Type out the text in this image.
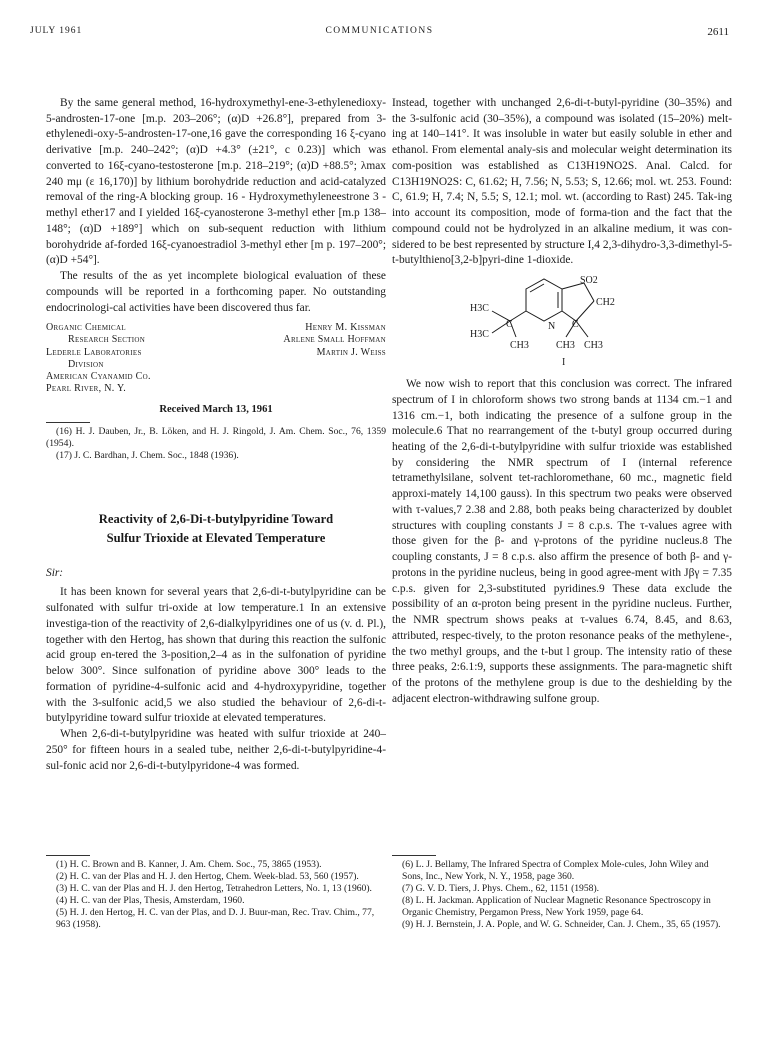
JULY 1961	COMMUNICATIONS	2611

By the same general method, 16-hydroxymethyl-ene-3-ethylenedioxy-5-androsten-17-one [m.p. 203–206°; (α)D +26.8°], prepared from 3-ethylenedi-oxy-5-androsten-17-one,16 gave the corresponding 16 ξ-cyano derivative [m.p. 240–242°; (α)D +4.3° (±21°, c 0.23)] which was converted to 16ξ-cyano-testosterone [m.p. 218–219°; (α)D +88.5°; λmax 240 mμ (ε 16,170)] by lithium borohydride reduction and acid-catalyzed removal of the ring-A blocking group. 16 - Hydroxymethyleneestrone 3 - methyl ether17 and I yielded 16ξ-cyanosterone 3-methyl ether [m.p 138–148°; (α)D +189°] which on sub-sequent reduction with lithium borohydride af-forded 16ξ-cyanoestradiol 3-methyl ether [m p. 197–200°; (α)D +54°].

The results of the as yet incomplete biological evaluation of these compounds will be reported in a forthcoming paper. No outstanding endocrinologi-cal activities have been discovered thus far.

Organic Chemical
Research Section
Lederle Laboratories
Division
American Cyanamid Co.
Pearl River, N. Y.
Henry M. Kissman
Arlene Small Hoffman
Martin J. Weiss
Received March 13, 1961

(16) H. J. Dauben, Jr., B. Löken, and H. J. Ringold, J. Am. Chem. Soc., 76, 1359 (1954).

(17) J. C. Bardhan, J. Chem. Soc., 1848 (1936).

Reactivity of 2,6-Di-t-butylpyridine Toward
Sulfur Trioxide at Elevated Temperature
Sir:

It has been known for several years that 2,6-di-t-butylpyridine can be sulfonated with sulfur tri-oxide at low temperature.1 In an extensive investiga-tion of the reactivity of 2,6-dialkylpyridines one of us (v. d. Pl.), together with den Hertog, has shown that during this reaction the sulfonic acid group en-tered the 3-position,2–4 as in the sulfonation of pyridine below 300°. Since sulfonation of pyridine above 300° leads to the formation of pyridine-4-sulfonic acid and 4-hydroxypyridine, together with the 3-sulfonic acid,5 we also studied the behaviour of 2,6-di-t-butylpyridine toward sulfur trioxide at elevated temperatures.

When 2,6-di-t-butylpyridine was heated with sulfur trioxide at 240–250° for fifteen hours in a sealed tube, neither 2,6-di-t-butylpyridine-4-sul-fonic acid nor 2,6-di-t-butylpyridone-4 was formed.

Instead, together with unchanged 2,6-di-t-butyl-pyridine (30–35%) and the 3-sulfonic acid (30–35%), a compound was isolated (15–20%) melt-ing at 140–141°. It was insoluble in water but easily soluble in ether and ethanol. From elemental analy-sis and molecular weight determination its com-position was established as C13H19NO2S. Anal. Calcd. for C13H19NO2S: C, 61.62; H, 7.56; N, 5.53; S, 12.66; mol. wt. 253. Found: C, 61.9; H, 7.4; N, 5.5; S, 12.1; mol. wt. (according to Rast) 245. Tak-ing into account its composition, mode of forma-tion and the fact that the compound could not be hydrolyzed in an alkaline medium, it was con-sidered to be best represented by structure I,4 2,3-dihydro-3,3-dimethyl-5-t-butylthieno[3,2-b]pyri-dine 1-dioxide.

SO2
CH2
H3C
H3C
N
C	C
CH3	CH3 CH3
I

We now wish to report that this conclusion was correct. The infrared spectrum of I in chloroform shows two strong bands at 1134 cm.−1 and 1316 cm.−1, both indicating the presence of a sulfone group in the molecule.6 That no rearrangement of the t-butyl group occurred during heating of the 2,6-di-t-butylpyridine with sulfur trioxide was established by considering the NMR spectrum of I (internal reference tetramethylsilane, solvent tet-rachloromethane, 60 mc., magnetic field approxi-mately 14,100 gauss). In this spectrum two peaks were observed with τ-values,7 2.38 and 2.88, both peaks being characterized by doublet structures with coupling constants J = 8 c.p.s. The τ-values agree with those given for the β- and γ-protons of the pyridine nucleus.8 The coupling constants, J = 8 c.p.s. also affirm the presence of both β- and γ-protons in the pyridine nucleus, being in good agree-ment with Jβγ = 7.35 c.p.s. given for 2,3-substituted pyridines.9 These data exclude the possibility of an α-proton being present in the pyridine nucleus. Further, the NMR spectrum shows peaks at τ-values 6.74, 8.45, and 8.63, attributed, respec-tively, to the proton resonance peaks of the methylene-, the two methyl groups, and the t-but l group. The intensity ratio of these three peaks, 2:6.1:9, supports these assignments. The para-magnetic shift of the protons of the methylene group is due to the deshielding by the adjacent electron-withdrawing sulfone group.

(1) H. C. Brown and B. Kanner, J. Am. Chem. Soc., 75, 3865 (1953).

(2) H. C. van der Plas and H. J. den Hertog, Chem. Week-blad. 53, 560 (1957).

(3) H. C. van der Plas and H. J. den Hertog, Tetrahedron Letters, No. 1, 13 (1960).

(4) H. C. van der Plas, Thesis, Amsterdam, 1960.

(5) H. J. den Hertog, H. C. van der Plas, and D. J. Buur-man, Rec. Trav. Chim., 77, 963 (1958).

(6) L. J. Bellamy, The Infrared Spectra of Complex Mole-cules, John Wiley and Sons, Inc., New York, N. Y., 1958, page 360.

(7) G. V. D. Tiers, J. Phys. Chem., 62, 1151 (1958).

(8) L. H. Jackman. Application of Nuclear Magnetic Resonance Spectroscopy in Organic Chemistry, Pergamon Press, New York 1959, page 64.

(9) H. J. Bernstein, J. A. Pople, and W. G. Schneider, Can. J. Chem., 35, 65 (1957).
